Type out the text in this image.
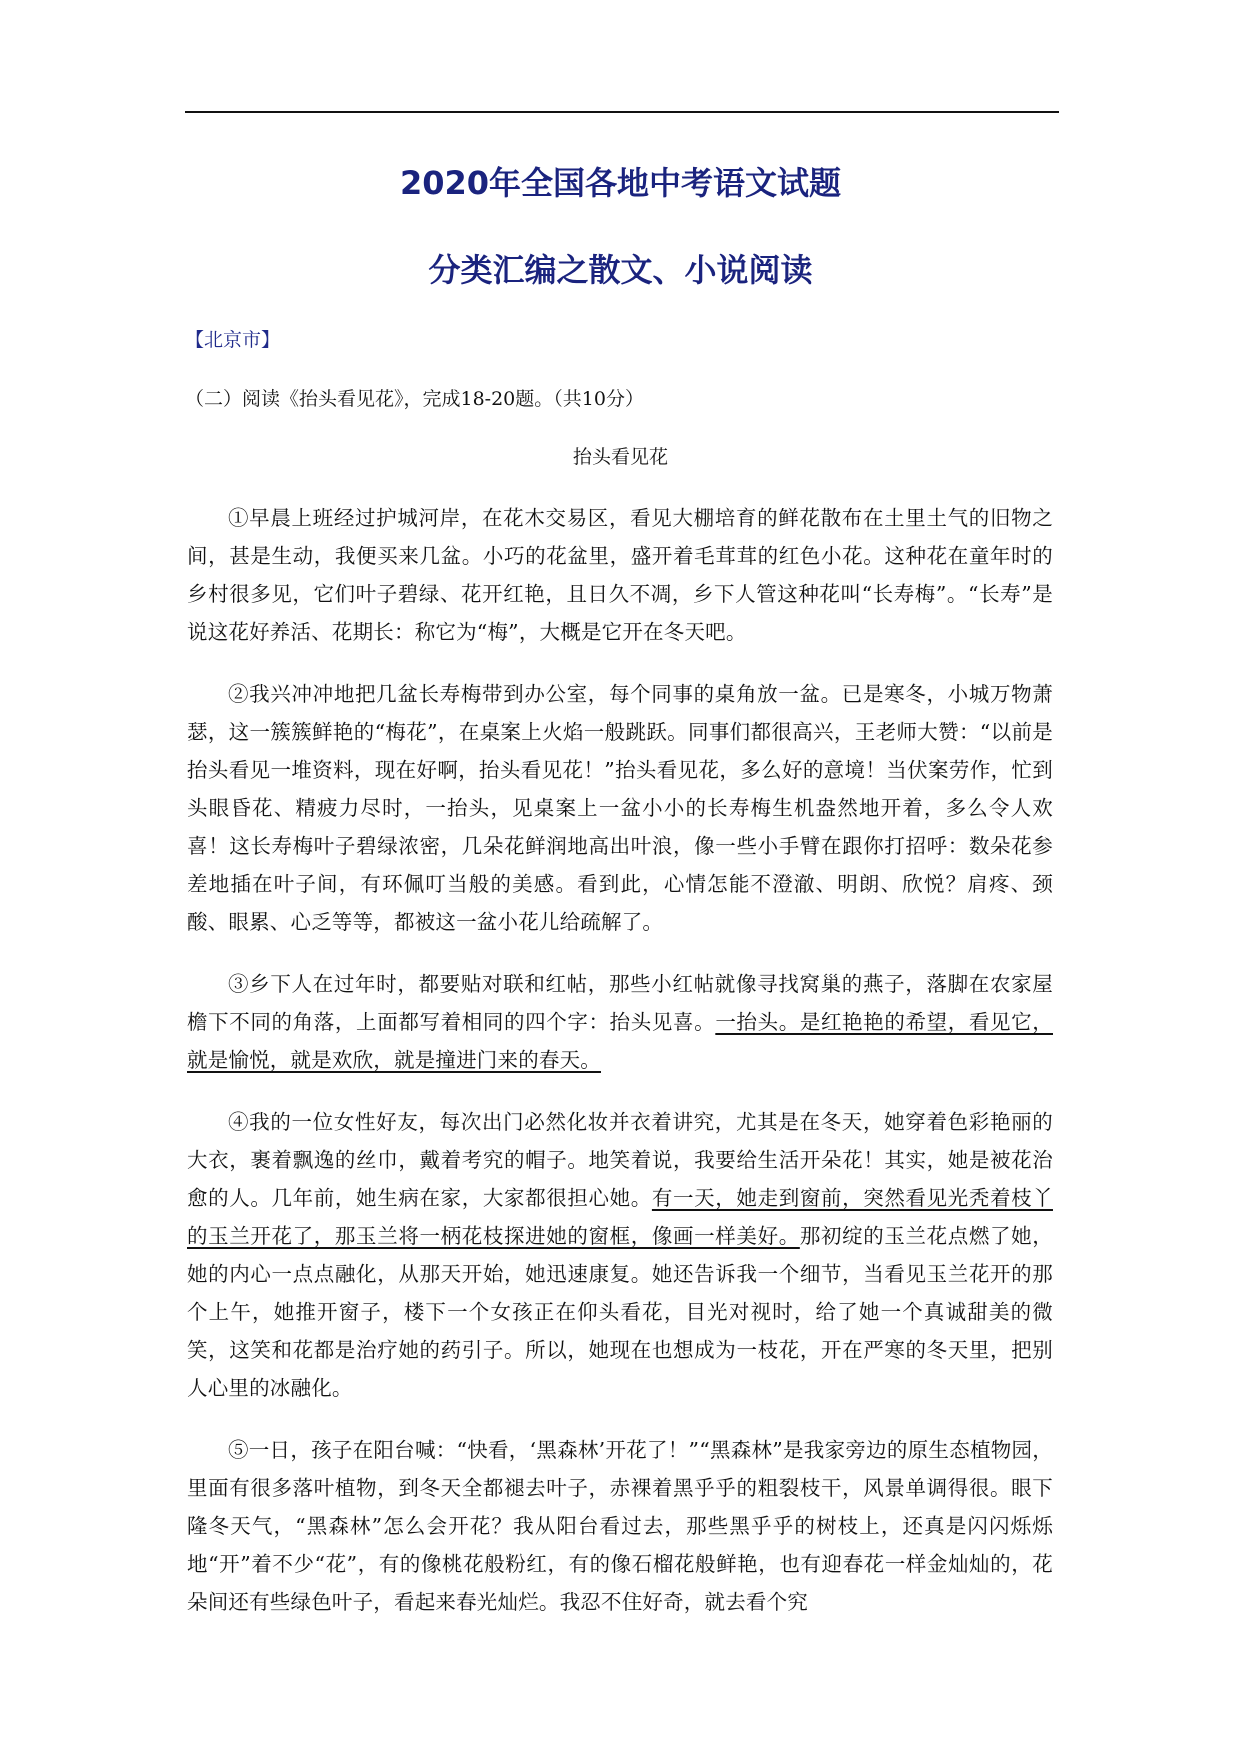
2020年全国各地中考语文试题
分类汇编之散文、小说阅读
【北京市】
（二）阅读《抬头看见花》，完成18-20题。（共10分）
抬头看见花

①早晨上班经过护城河岸，在花木交易区，看见大棚培育的鲜花散布在土里土气的旧物之间，甚是生动，我便买来几盆。小巧的花盆里，盛开着毛茸茸的红色小花。这种花在童年时的乡村很多见，它们叶子碧绿、花开红艳，且日久不凋，乡下人管这种花叫“长寿梅”。“长寿”是说这花好养活、花期长：称它为“梅”，大概是它开在冬天吧。

②我兴冲冲地把几盆长寿梅带到办公室，每个同事的桌角放一盆。已是寒冬，小城万物萧瑟，这一簇簇鲜艳的“梅花”，在桌案上火焰一般跳跃。同事们都很高兴，王老师大赞：“以前是抬头看见一堆资料，现在好啊，抬头看见花！”抬头看见花，多么好的意境！当伏案劳作，忙到头眼昏花、精疲力尽时，一抬头，见桌案上一盆小小的长寿梅生机盎然地开着，多么令人欢喜！这长寿梅叶子碧绿浓密，几朵花鲜润地高出叶浪，像一些小手臂在跟你打招呼：数朵花参差地插在叶子间，有环佩叮当般的美感。看到此，心情怎能不澄澈、明朗、欣悦？肩疼、颈酸、眼累、心乏等等，都被这一盆小花儿给疏解了。

③乡下人在过年时，都要贴对联和红帖，那些小红帖就像寻找窝巢的燕子，落脚在农家屋檐下不同的角落，上面都写着相同的四个字：抬头见喜。一抬头。是红艳艳的希望，看见它，就是愉悦，就是欢欣，就是撞进门来的春天。

④我的一位女性好友，每次出门必然化妆并衣着讲究，尤其是在冬天，她穿着色彩艳丽的大衣，裹着飘逸的丝巾，戴着考究的帽子。地笑着说，我要给生活开朵花！其实，她是被花治愈的人。几年前，她生病在家，大家都很担心她。有一天，她走到窗前，突然看见光秃着枝丫的玉兰开花了，那玉兰将一柄花枝探进她的窗框，像画一样美好。那初绽的玉兰花点燃了她，她的内心一点点融化，从那天开始，她迅速康复。她还告诉我一个细节，当看见玉兰花开的那个上午，她推开窗子，楼下一个女孩正在仰头看花，目光对视时，给了她一个真诚甜美的微笑，这笑和花都是治疗她的药引子。所以，她现在也想成为一枝花，开在严寒的冬天里，把别人心里的冰融化。

⑤一日，孩子在阳台喊：“快看，‘黑森林’开花了！”“黑森林”是我家旁边的原生态植物园，里面有很多落叶植物，到冬天全都褪去叶子，赤裸着黑乎乎的粗裂枝干，风景单调得很。眼下隆冬天气，“黑森林”怎么会开花？我从阳台看过去，那些黑乎乎的树枝上，还真是闪闪烁烁地“开”着不少“花”，有的像桃花般粉红，有的像石榴花般鲜艳，也有迎春花一样金灿灿的，花朵间还有些绿色叶子，看起来春光灿烂。我忍不住好奇，就去看个究
